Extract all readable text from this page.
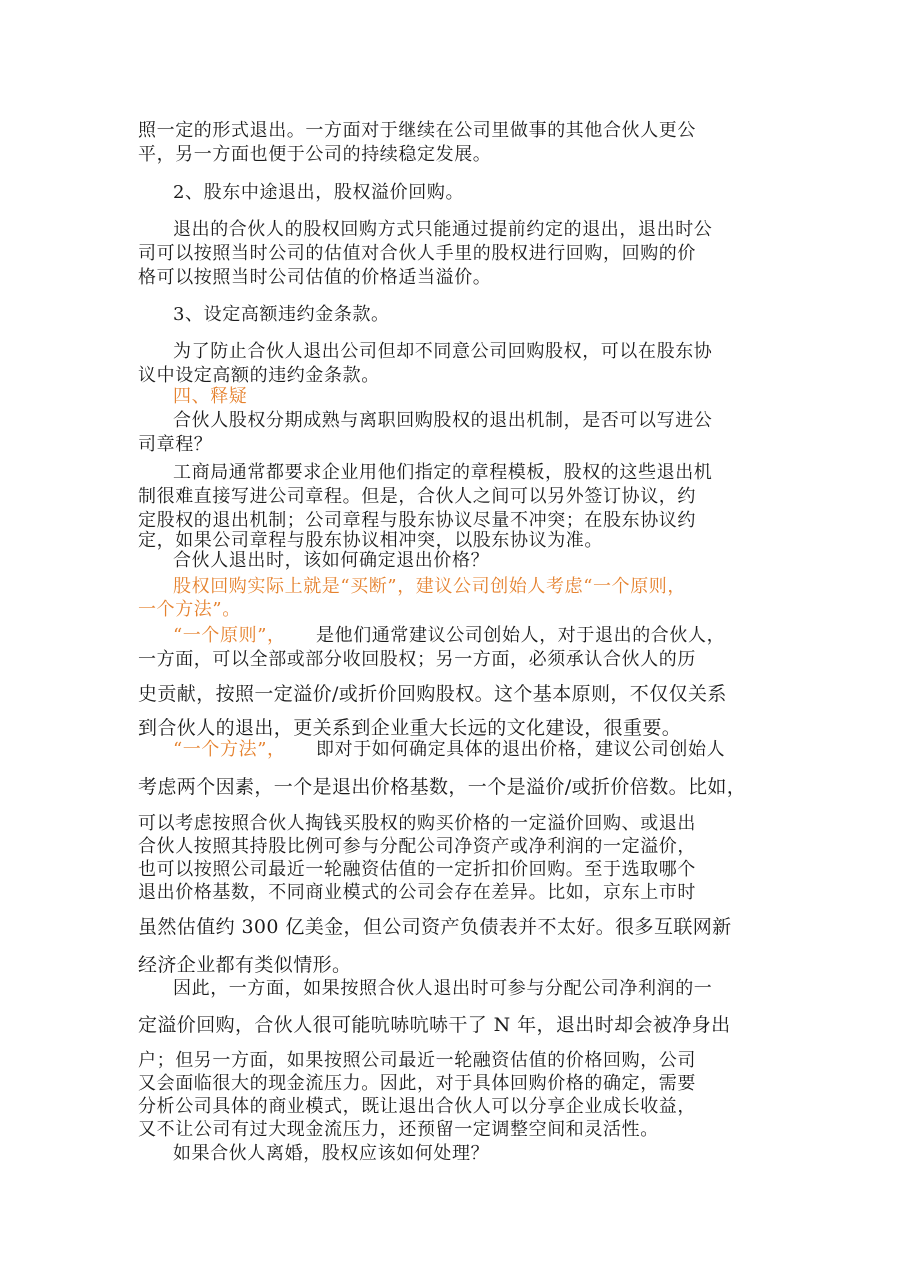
照一定的形式退出。一方面对于继续在公司里做事的其他合伙人更公
平，另一方面也便于公司的持续稳定发展。
2、股东中途退出，股权溢价回购。
退出的合伙人的股权回购方式只能通过提前约定的退出，退出时公
司可以按照当时公司的估值对合伙人手里的股权进行回购，回购的价
格可以按照当时公司估值的价格适当溢价。
3、设定高额违约金条款。
为了防止合伙人退出公司但却不同意公司回购股权，可以在股东协
议中设定高额的违约金条款。
四、释疑
合伙人股权分期成熟与离职回购股权的退出机制，是否可以写进公
司章程？
工商局通常都要求企业用他们指定的章程模板，股权的这些退出机
制很难直接写进公司章程。但是，合伙人之间可以另外签订协议，约
定股权的退出机制；公司章程与股东协议尽量不冲突；在股东协议约
定，如果公司章程与股东协议相冲突，以股东协议为准。
合伙人退出时，该如何确定退出价格？
股权回购实际上就是“买断”，建议公司创始人考虑“一个原则，
一个方法”。
“一个原则”， 是他们通常建议公司创始人，对于退出的合伙人，
一方面，可以全部或部分收回股权；另一方面，必须承认合伙人的历
史贡献，按照一定溢价/或折价回购股权。这个基本原则，不仅仅关系
到合伙人的退出，更关系到企业重大长远的文化建设，很重要。
“一个方法”， 即对于如何确定具体的退出价格，建议公司创始人
考虑两个因素，一个是退出价格基数，一个是溢价/或折价倍数。比如，
可以考虑按照合伙人掏钱买股权的购买价格的一定溢价回购、或退出
合伙人按照其持股比例可参与分配公司净资产或净利润的一定溢价，
也可以按照公司最近一轮融资估值的一定折扣价回购。至于选取哪个
退出价格基数，不同商业模式的公司会存在差异。比如，京东上市时
虽然估值约 300 亿美金，但公司资产负债表并不太好。很多互联网新
经济企业都有类似情形。
因此，一方面，如果按照合伙人退出时可参与分配公司净利润的一
定溢价回购，合伙人很可能吭哧吭哧干了 N 年，退出时却会被净身出
户；但另一方面，如果按照公司最近一轮融资估值的价格回购，公司
又会面临很大的现金流压力。因此，对于具体回购价格的确定，需要
分析公司具体的商业模式，既让退出合伙人可以分享企业成长收益，
又不让公司有过大现金流压力，还预留一定调整空间和灵活性。
如果合伙人离婚，股权应该如何处理？
